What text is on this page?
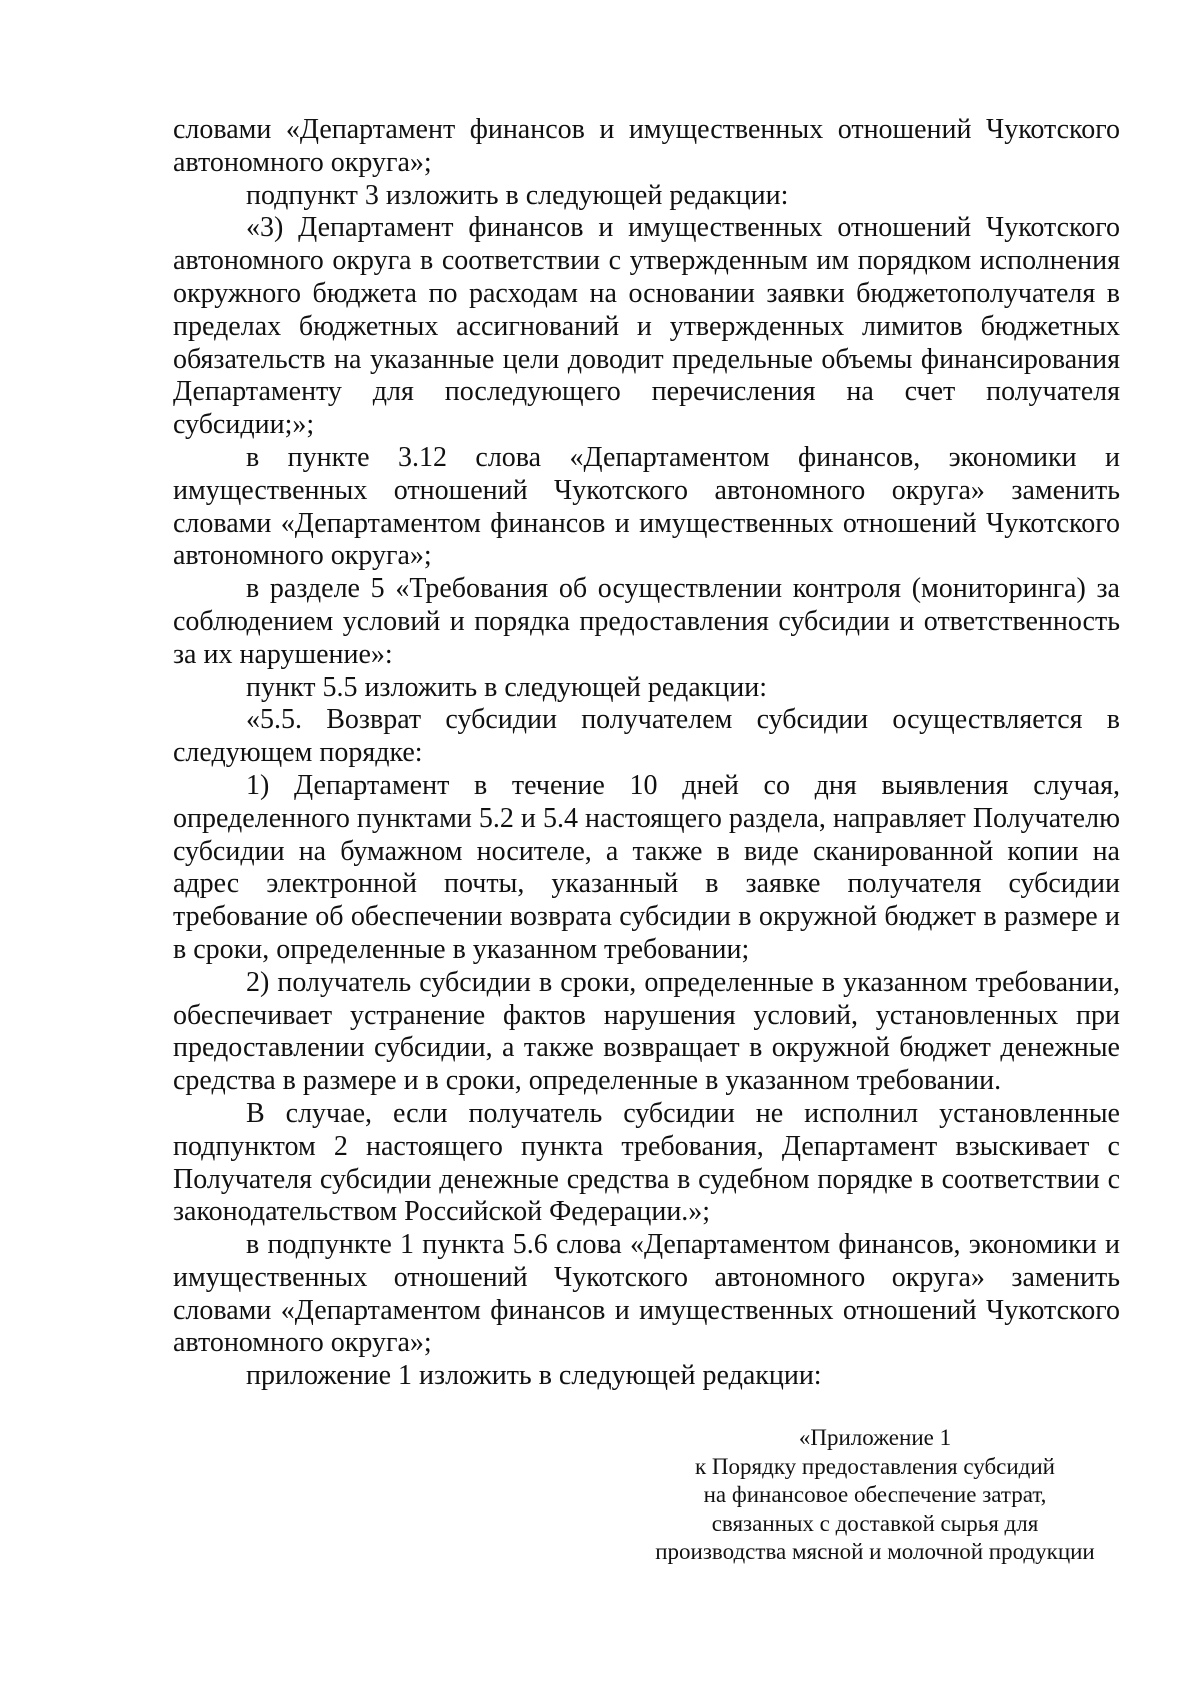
словами «Департамент финансов и имущественных отношений Чукотского автономного округа»;

подпункт 3 изложить в следующей редакции:

«3) Департамент финансов и имущественных отношений Чукотского автономного округа в соответствии с утвержденным им порядком исполнения окружного бюджета по расходам на основании заявки бюджетополучателя в пределах бюджетных ассигнований и утвержденных лимитов бюджетных обязательств на указанные цели доводит предельные объемы финансирования Департаменту для последующего перечисления на счет получателя субсидии;»;

в пункте 3.12 слова «Департаментом финансов, экономики и имущественных отношений Чукотского автономного округа» заменить словами «Департаментом финансов и имущественных отношений Чукотского автономного округа»;

в разделе 5 «Требования об осуществлении контроля (мониторинга) за соблюдением условий и порядка предоставления субсидии и ответственность за их нарушение»:

пункт 5.5 изложить в следующей редакции:

«5.5. Возврат субсидии получателем субсидии осуществляется в следующем порядке:

1) Департамент в течение 10 дней со дня выявления случая, определенного пунктами 5.2 и 5.4 настоящего раздела, направляет Получателю субсидии на бумажном носителе, а также в виде сканированной копии на адрес электронной почты, указанный в заявке получателя субсидии требование об обеспечении возврата субсидии в окружной бюджет в размере и в сроки, определенные в указанном требовании;

2) получатель субсидии в сроки, определенные в указанном требовании, обеспечивает устранение фактов нарушения условий, установленных при предоставлении субсидии, а также возвращает в окружной бюджет денежные средства в размере и в сроки, определенные в указанном требовании.

В случае, если получатель субсидии не исполнил установленные подпунктом 2 настоящего пункта требования, Департамент взыскивает с Получателя субсидии денежные средства в судебном порядке в соответствии с законодательством Российской Федерации.»;

в подпункте 1 пункта 5.6 слова «Департаментом финансов, экономики и имущественных отношений Чукотского автономного округа» заменить словами «Департаментом финансов и имущественных отношений Чукотского автономного округа»;

приложение 1 изложить в следующей редакции:

«Приложение 1
к Порядку предоставления субсидий
на финансовое обеспечение затрат,
связанных с доставкой сырья для
производства мясной и молочной продукции
